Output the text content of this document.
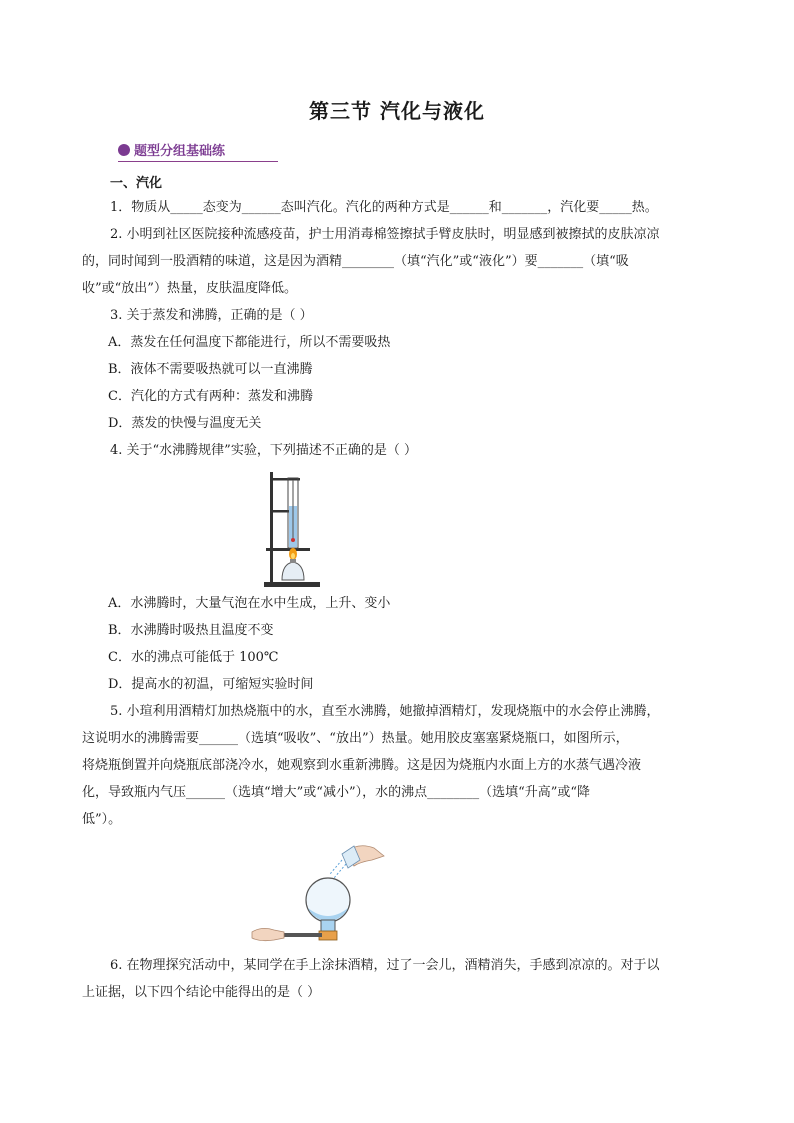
第三节 汽化与液化
题型分组基础练
一、汽化
1．物质从_____态变为______态叫汽化。汽化的两种方式是______和_______，汽化要_____热。
2. 小明到社区医院接种流感疫苗，护士用消毒棉签擦拭手臂皮肤时，明显感到被擦拭的皮肤凉凉
的，同时闻到一股酒精的味道，这是因为酒精________（填“汽化”或“液化”）要_______（填“吸
收”或“放出”）热量，皮肤温度降低。
3. 关于蒸发和沸腾，正确的是（ ）
A．蒸发在任何温度下都能进行，所以不需要吸热
B．液体不需要吸热就可以一直沸腾
C．汽化的方式有两种：蒸发和沸腾
D．蒸发的快慢与温度无关
4. 关于“水沸腾规律”实验，下列描述不正确的是（ ）
A．水沸腾时，大量气泡在水中生成，上升、变小
B．水沸腾时吸热且温度不变
C．水的沸点可能低于 100℃
D．提高水的初温，可缩短实验时间
5. 小瑄利用酒精灯加热烧瓶中的水，直至水沸腾，她撤掉酒精灯，发现烧瓶中的水会停止沸腾，
这说明水的沸腾需要______（选填“吸收”、“放出”）热量。她用胶皮塞塞紧烧瓶口，如图所示，
将烧瓶倒置并向烧瓶底部浇冷水，她观察到水重新沸腾。这是因为烧瓶内水面上方的水蒸气遇冷液
化，导致瓶内气压______（选填“增大”或“减小”），水的沸点________（选填“升高”或“降
低”）。
6. 在物理探究活动中，某同学在手上涂抹酒精，过了一会儿，酒精消失，手感到凉凉的。对于以
上证据，以下四个结论中能得出的是（ ）
